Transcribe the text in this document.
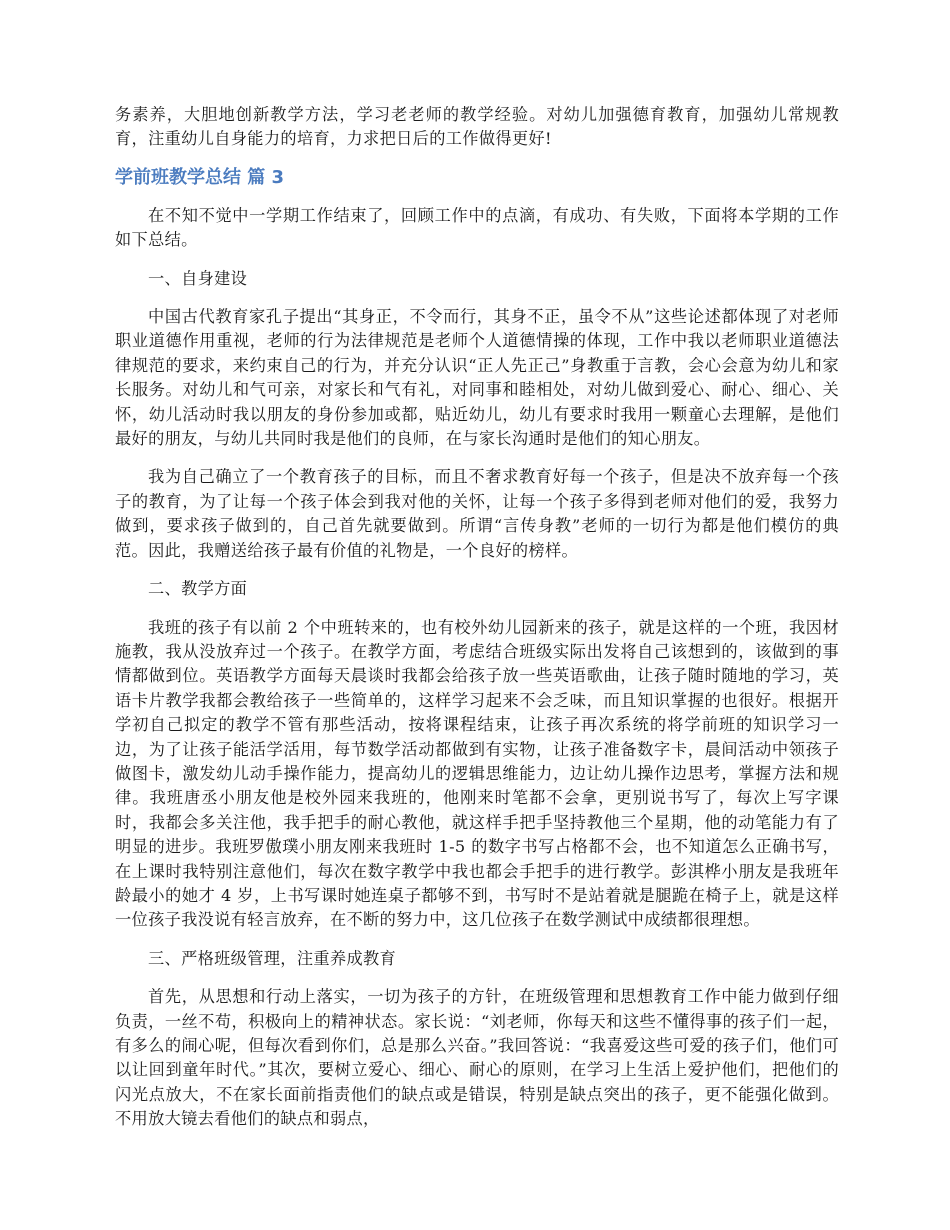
务素养，大胆地创新教学方法，学习老老师的教学经验。对幼儿加强德育教育，加强幼儿常规教育，注重幼儿自身能力的培育，力求把日后的工作做得更好!

学前班教学总结 篇 3

在不知不觉中一学期工作结束了，回顾工作中的点滴，有成功、有失败，下面将本学期的工作如下总结。

一、自身建设

中国古代教育家孔子提出“其身正，不令而行，其身不正，虽令不从”这些论述都体现了对老师职业道德作用重视，老师的行为法律规范是老师个人道德情操的体现，工作中我以老师职业道德法律规范的要求，来约束自己的行为，并充分认识“正人先正己”身教重于言教，会心会意为幼儿和家长服务。对幼儿和气可亲，对家长和气有礼，对同事和睦相处，对幼儿做到爱心、耐心、细心、关怀，幼儿活动时我以朋友的身份参加或都，贴近幼儿，幼儿有要求时我用一颗童心去理解，是他们最好的朋友，与幼儿共同时我是他们的良师，在与家长沟通时是他们的知心朋友。

我为自己确立了一个教育孩子的目标，而且不奢求教育好每一个孩子，但是决不放弃每一个孩子的教育，为了让每一个孩子体会到我对他的关怀，让每一个孩子多得到老师对他们的爱，我努力做到，要求孩子做到的，自己首先就要做到。所谓“言传身教”老师的一切行为都是他们模仿的典范。因此，我赠送给孩子最有价值的礼物是，一个良好的榜样。

二、教学方面

我班的孩子有以前 2 个中班转来的，也有校外幼儿园新来的孩子，就是这样的一个班，我因材施教，我从没放弃过一个孩子。在教学方面，考虑结合班级实际出发将自己该想到的，该做到的事情都做到位。英语教学方面每天晨谈时我都会给孩子放一些英语歌曲，让孩子随时随地的学习，英语卡片教学我都会教给孩子一些简单的，这样学习起来不会乏味，而且知识掌握的也很好。根据开学初自己拟定的教学不管有那些活动，按将课程结束，让孩子再次系统的将学前班的知识学习一边，为了让孩子能活学活用，每节数学活动都做到有实物，让孩子准备数字卡，晨间活动中领孩子做图卡，激发幼儿动手操作能力，提高幼儿的逻辑思维能力，边让幼儿操作边思考，掌握方法和规律。我班唐丞小朋友他是校外园来我班的，他刚来时笔都不会拿，更别说书写了，每次上写字课时，我都会多关注他，我手把手的耐心教他，就这样手把手坚持教他三个星期，他的动笔能力有了明显的进步。我班罗傲璞小朋友刚来我班时 1-5 的数字书写占格都不会，也不知道怎么正确书写，在上课时我特别注意他们，每次在数字教学中我也都会手把手的进行教学。彭淇桦小朋友是我班年龄最小的她才 4 岁，上书写课时她连桌子都够不到，书写时不是站着就是腿跪在椅子上，就是这样一位孩子我没说有轻言放弃，在不断的努力中，这几位孩子在数学测试中成绩都很理想。

三、严格班级管理，注重养成教育

首先，从思想和行动上落实，一切为孩子的方针，在班级管理和思想教育工作中能力做到仔细负责，一丝不苟，积极向上的精神状态。家长说：“刘老师，你每天和这些不懂得事的孩子们一起，有多么的闹心呢，但每次看到你们，总是那么兴奋。”我回答说：“我喜爱这些可爱的孩子们，他们可以让回到童年时代。”其次，要树立爱心、细心、耐心的原则，在学习上生活上爱护他们，把他们的闪光点放大，不在家长面前指责他们的缺点或是错误，特别是缺点突出的孩子，更不能强化做到。不用放大镜去看他们的缺点和弱点，
